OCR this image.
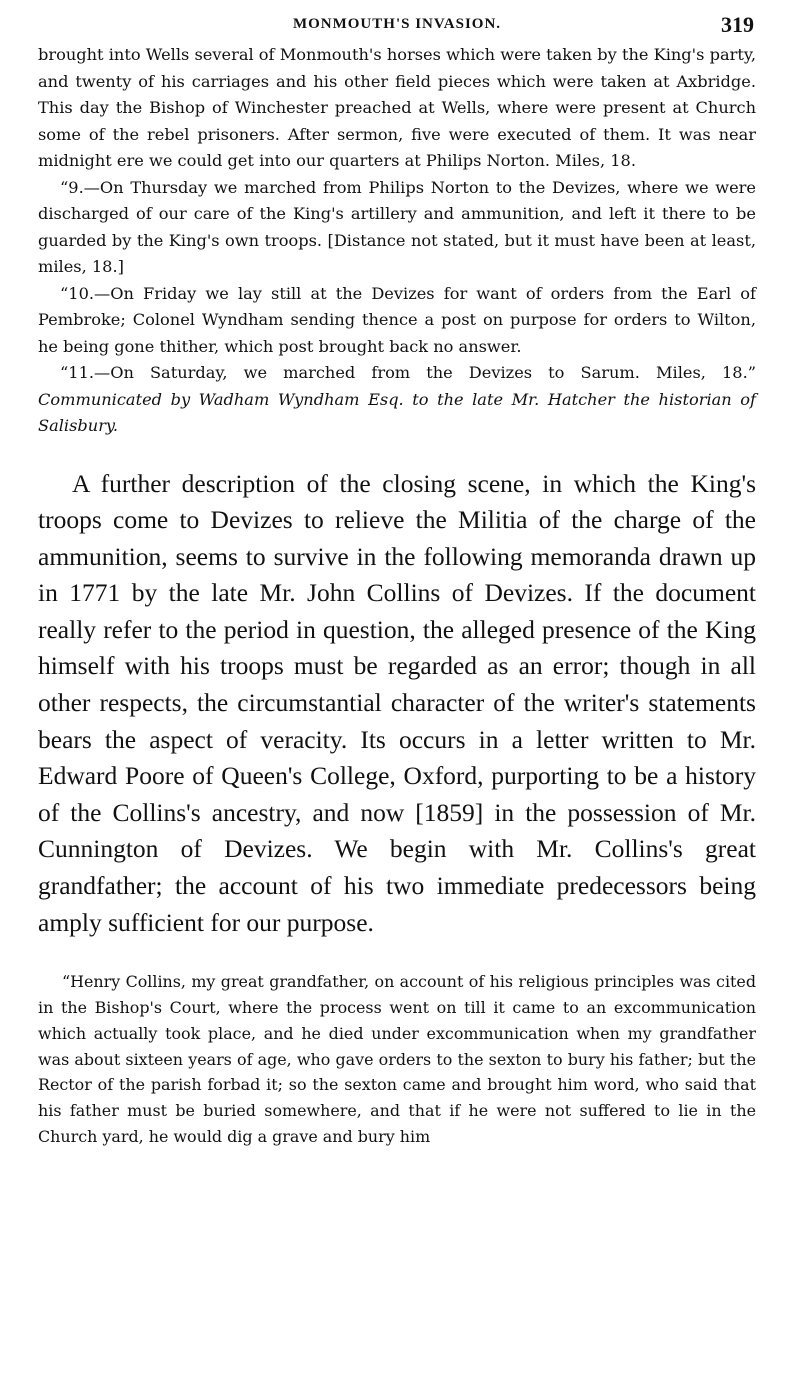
MONMOUTH'S INVASION.	319

brought into Wells several of Monmouth's horses which were taken by the King's party, and twenty of his carriages and his other field pieces which were taken at Axbridge. This day the Bishop of Winchester preached at Wells, where were present at Church some of the rebel prisoners. After sermon, five were executed of them. It was near midnight ere we could get into our quarters at Philips Norton. Miles, 18.

“9.—On Thursday we marched from Philips Norton to the Devizes, where we were discharged of our care of the King's artillery and ammunition, and left it there to be guarded by the King's own troops. [Distance not stated, but it must have been at least, miles, 18.]

“10.—On Friday we lay still at the Devizes for want of orders from the Earl of Pembroke; Colonel Wyndham sending thence a post on purpose for orders to Wilton, he being gone thither, which post brought back no answer.

“11.—On Saturday, we marched from the Devizes to Sarum. Miles, 18.” Communicated by Wadham Wyndham Esq. to the late Mr. Hatcher the historian of Salisbury.

A further description of the closing scene, in which the King's troops come to Devizes to relieve the Militia of the charge of the ammunition, seems to survive in the following memoranda drawn up in 1771 by the late Mr. John Collins of Devizes. If the document really refer to the period in question, the alleged presence of the King himself with his troops must be regarded as an error; though in all other respects, the circumstantial character of the writer's statements bears the aspect of veracity. Its occurs in a letter written to Mr. Edward Poore of Queen's College, Oxford, purporting to be a history of the Collins's ancestry, and now [1859] in the possession of Mr. Cunnington of Devizes. We begin with Mr. Collins's great grandfather; the account of his two immediate predecessors being amply sufficient for our purpose.

“Henry Collins, my great grandfather, on account of his religious principles was cited in the Bishop's Court, where the process went on till it came to an excommunication which actually took place, and he died under excommunication when my grandfather was about sixteen years of age, who gave orders to the sexton to bury his father; but the Rector of the parish forbad it; so the sexton came and brought him word, who said that his father must be buried somewhere, and that if he were not suffered to lie in the Church yard, he would dig a grave and bury him
